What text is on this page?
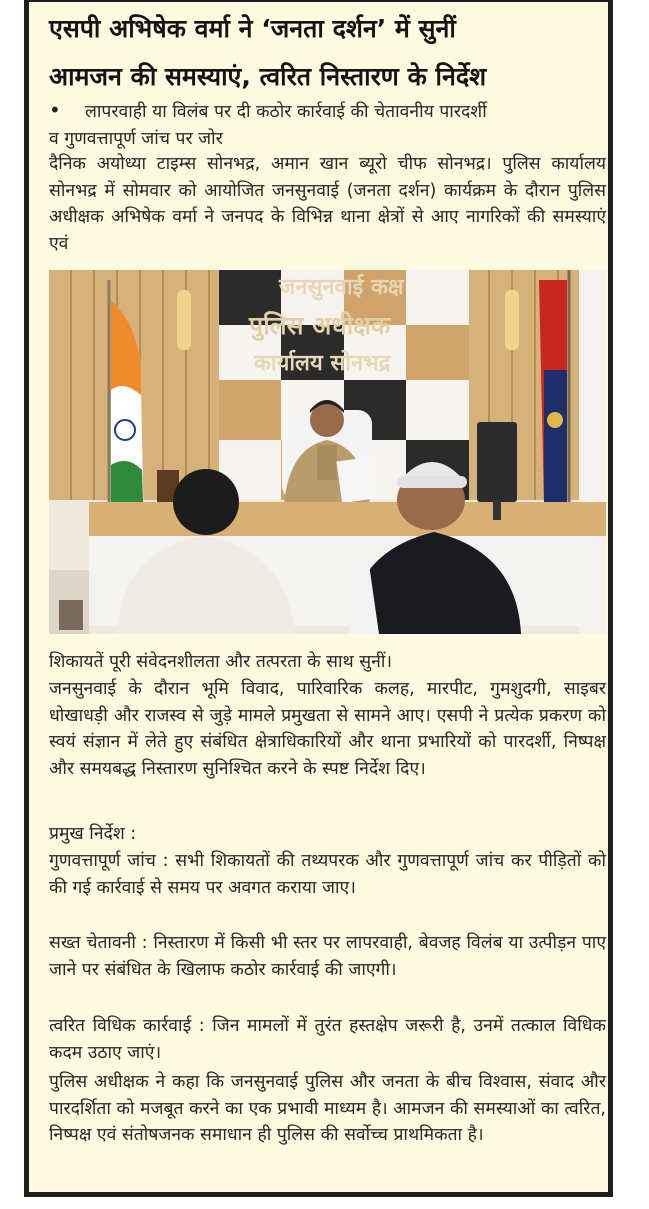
एसपी अभिषेक वर्मा ने ‘जनता दर्शन’ में सुनीं
आमजन की समस्याएं, त्वरित निस्तारण के निर्देश
• लापरवाही या विलंब पर दी कठोर कार्रवाई की चेतावनीय पारदर्शी
व गुणवत्तापूर्ण जांच पर जोर
दैनिक अयोध्या टाइम्स सोनभद्र, अमान खान ब्यूरो चीफ सोनभद्र। पुलिस कार्यालय सोनभद्र में सोमवार को आयोजित जनसुनवाई (जनता दर्शन) कार्यक्रम के दौरान पुलिस अधीक्षक अभिषेक वर्मा ने जनपद के विभिन्न थाना क्षेत्रों से आए नागरिकों की समस्याएं एवं
जनसुनवाई कक्ष
पुलिस अधीक्षक
कार्यालय सोनभद्र
शिकायतें पूरी संवेदनशीलता और तत्परता के साथ सुनीं।
जनसुनवाई के दौरान भूमि विवाद, पारिवारिक कलह, मारपीट, गुमशुदगी, साइबर धोखाधड़ी और राजस्व से जुड़े मामले प्रमुखता से सामने आए। एसपी ने प्रत्येक प्रकरण को स्वयं संज्ञान में लेते हुए संबंधित क्षेत्राधिकारियों और थाना प्रभारियों को पारदर्शी, निष्पक्ष और समयबद्ध निस्तारण सुनिश्चित करने के स्पष्ट निर्देश दिए।
प्रमुख निर्देश :
गुणवत्तापूर्ण जांच : सभी शिकायतों की तथ्यपरक और गुणवत्तापूर्ण जांच कर पीड़ितों को की गई कार्रवाई से समय पर अवगत कराया जाए।
सख्त चेतावनी : निस्तारण में किसी भी स्तर पर लापरवाही, बेवजह विलंब या उत्पीड़न पाए जाने पर संबंधित के खिलाफ कठोर कार्रवाई की जाएगी।
त्वरित विधिक कार्रवाई : जिन मामलों में तुरंत हस्तक्षेप जरूरी है, उनमें तत्काल विधिक कदम उठाए जाएं।
पुलिस अधीक्षक ने कहा कि जनसुनवाई पुलिस और जनता के बीच विश्वास, संवाद और पारदर्शिता को मजबूत करने का एक प्रभावी माध्यम है। आमजन की समस्याओं का त्वरित, निष्पक्ष एवं संतोषजनक समाधान ही पुलिस की सर्वोच्च प्राथमिकता है।
